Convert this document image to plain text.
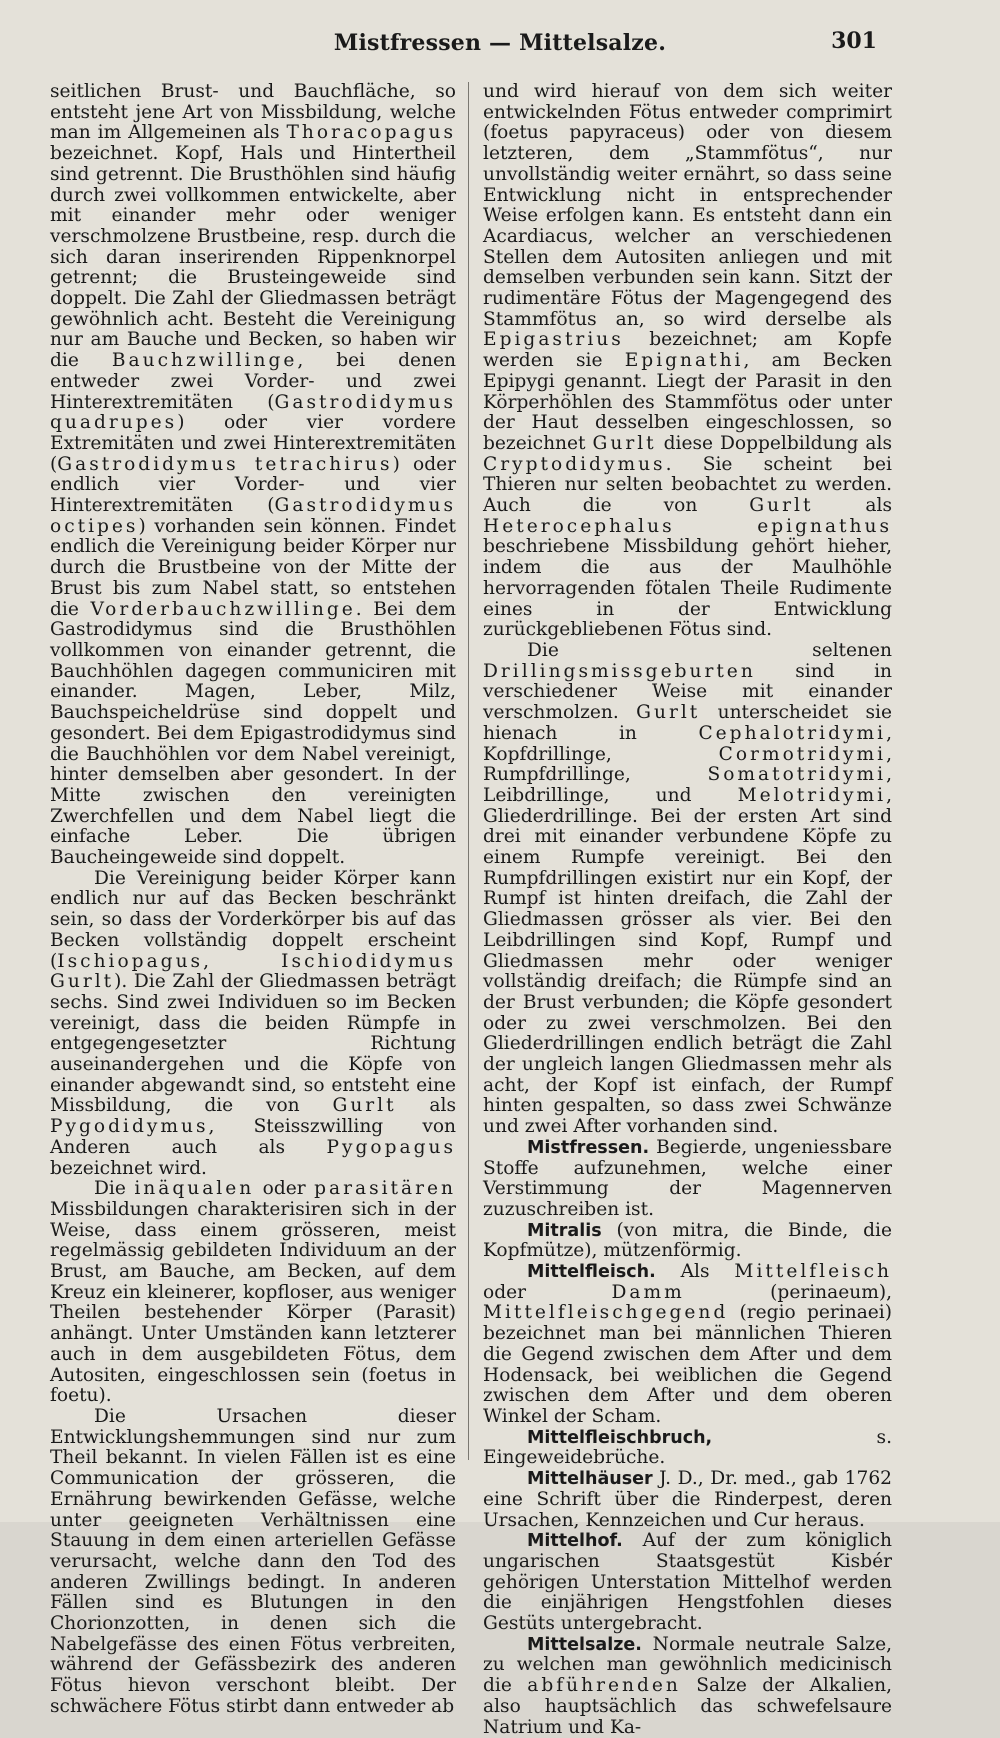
Mistfressen — Mittelsalze.	301

seitlichen Brust- und Bauchfläche, so entsteht jene Art von Missbildung, welche man im Allgemeinen als Thoracopagus bezeichnet. Kopf, Hals und Hintertheil sind getrennt. Die Brusthöhlen sind häufig durch zwei vollkommen entwickelte, aber mit einander mehr oder weniger verschmolzene Brustbeine, resp. durch die sich daran inserirenden Rippenknorpel getrennt; die Brusteingeweide sind doppelt. Die Zahl der Gliedmassen beträgt gewöhnlich acht. Besteht die Vereinigung nur am Bauche und Becken, so haben wir die Bauchzwillinge, bei denen entweder zwei Vorder- und zwei Hinterextremitäten (Gastrodidymus quadrupes) oder vier vordere Extremitäten und zwei Hinterextremitäten (Gastrodidymus tetrachirus) oder endlich vier Vorder- und vier Hinterextremitäten (Gastrodidymus octipes) vorhanden sein können. Findet endlich die Vereinigung beider Körper nur durch die Brustbeine von der Mitte der Brust bis zum Nabel statt, so entstehen die Vorderbauchzwillinge. Bei dem Gastrodidymus sind die Brusthöhlen vollkommen von einander getrennt, die Bauchhöhlen dagegen communiciren mit einander. Magen, Leber, Milz, Bauchspeicheldrüse sind doppelt und gesondert. Bei dem Epigastrodidymus sind die Bauchhöhlen vor dem Nabel vereinigt, hinter demselben aber gesondert. In der Mitte zwischen den vereinigten Zwerchfellen und dem Nabel liegt die einfache Leber. Die übrigen Baucheingeweide sind doppelt.

Die Vereinigung beider Körper kann endlich nur auf das Becken beschränkt sein, so dass der Vorderkörper bis auf das Becken vollständig doppelt erscheint (Ischiopagus, Ischiodidymus Gurlt). Die Zahl der Gliedmassen beträgt sechs. Sind zwei Individuen so im Becken vereinigt, dass die beiden Rümpfe in entgegengesetzter Richtung auseinandergehen und die Köpfe von einander abgewandt sind, so entsteht eine Missbildung, die von Gurlt als Pygodidymus, Steisszwilling von Anderen auch als Pygopagus bezeichnet wird.

Die inäqualen oder parasitären Missbildungen charakterisiren sich in der Weise, dass einem grösseren, meist regelmässig gebildeten Individuum an der Brust, am Bauche, am Becken, auf dem Kreuz ein kleinerer, kopfloser, aus weniger Theilen bestehender Körper (Parasit) anhängt. Unter Umständen kann letzterer auch in dem ausgebildeten Fötus, dem Autositen, eingeschlossen sein (foetus in foetu).

Die Ursachen dieser Entwicklungshemmungen sind nur zum Theil bekannt. In vielen Fällen ist es eine Communication der grösseren, die Ernährung bewirkenden Gefässe, welche unter geeigneten Verhältnissen eine Stauung in dem einen arteriellen Gefässe verursacht, welche dann den Tod des anderen Zwillings bedingt. In anderen Fällen sind es Blutungen in den Chorionzotten, in denen sich die Nabelgefässe des einen Fötus verbreiten, während der Gefässbezirk des anderen Fötus hievon verschont bleibt. Der schwächere Fötus stirbt dann entweder ab

und wird hierauf von dem sich weiter entwickelnden Fötus entweder comprimirt (foetus papyraceus) oder von diesem letzteren, dem „Stammfötus“, nur unvollständig weiter ernährt, so dass seine Entwicklung nicht in entsprechender Weise erfolgen kann. Es entsteht dann ein Acardiacus, welcher an verschiedenen Stellen dem Autositen anliegen und mit demselben verbunden sein kann. Sitzt der rudimentäre Fötus der Magengegend des Stammfötus an, so wird derselbe als Epigastrius bezeichnet; am Kopfe werden sie Epignathi, am Becken Epipygi genannt. Liegt der Parasit in den Körperhöhlen des Stammfötus oder unter der Haut desselben eingeschlossen, so bezeichnet Gurlt diese Doppelbildung als Cryptodidymus. Sie scheint bei Thieren nur selten beobachtet zu werden. Auch die von Gurlt als Heterocephalus epignathus beschriebene Missbildung gehört hieher, indem die aus der Maulhöhle hervorragenden fötalen Theile Rudimente eines in der Entwicklung zurückgebliebenen Fötus sind.

Die seltenen Drillingsmissgeburten sind in verschiedener Weise mit einander verschmolzen. Gurlt unterscheidet sie hienach in Cephalotridymi, Kopfdrillinge, Cormotridymi, Rumpfdrillinge, Somatotridymi, Leibdrillinge, und Melotridymi, Gliederdrillinge. Bei der ersten Art sind drei mit einander verbundene Köpfe zu einem Rumpfe vereinigt. Bei den Rumpfdrillingen existirt nur ein Kopf, der Rumpf ist hinten dreifach, die Zahl der Gliedmassen grösser als vier. Bei den Leibdrillingen sind Kopf, Rumpf und Gliedmassen mehr oder weniger vollständig dreifach; die Rümpfe sind an der Brust verbunden; die Köpfe gesondert oder zu zwei verschmolzen. Bei den Gliederdrillingen endlich beträgt die Zahl der ungleich langen Gliedmassen mehr als acht, der Kopf ist einfach, der Rumpf hinten gespalten, so dass zwei Schwänze und zwei After vorhanden sind.

Mistfressen. Begierde, ungeniessbare Stoffe aufzunehmen, welche einer Verstimmung der Magennerven zuzuschreiben ist.

Mitralis (von mitra, die Binde, die Kopfmütze), mützenförmig.

Mittelfleisch. Als Mittelfleisch oder Damm (perinaeum), Mittelfleischgegend (regio perinaei) bezeichnet man bei männlichen Thieren die Gegend zwischen dem After und dem Hodensack, bei weiblichen die Gegend zwischen dem After und dem oberen Winkel der Scham.

Mittelfleischbruch, s. Eingeweidebrüche.

Mittelhäuser J. D., Dr. med., gab 1762 eine Schrift über die Rinderpest, deren Ursachen, Kennzeichen und Cur heraus.

Mittelhof. Auf der zum königlich ungarischen Staatsgestüt Kisbér gehörigen Unterstation Mittelhof werden die einjährigen Hengstfohlen dieses Gestüts untergebracht.

Mittelsalze. Normale neutrale Salze, zu welchen man gewöhnlich medicinisch die abführenden Salze der Alkalien, also hauptsächlich das schwefelsaure Natrium und Ka-
